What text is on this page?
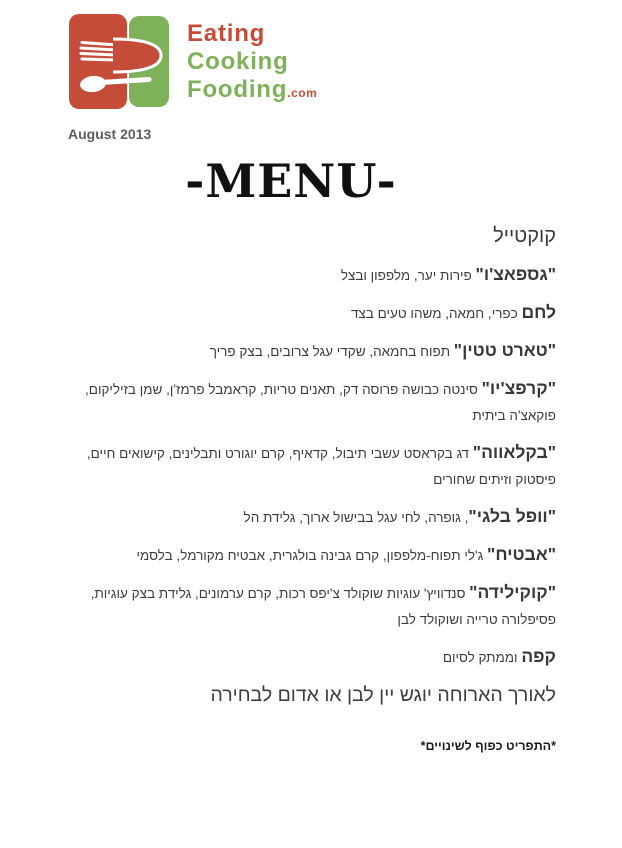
Eating
Cooking
Fooding.com
August 2013
-MENU-

קוקטייל

"גספאצ'ו" פירות יער, מלפפון ובצל

לחם כפרי, חמאה, משהו טעים בצד

"טארט טטין" תפוח בחמאה, שקדי עגל צרובים, בצק פריך

"קרפצ'יו" סינטה כבושה פרוסה דק, תאנים טריות, קראמבל פרמז'ן, שמן בזיליקום, פוקאצ'ה ביתית

"בקלאווה" דג בקראסט עשבי תיבול, קדאיף, קרם יוגורט ותבלינים, קישואים חיים, פיסטוק וזיתים שחורים

"וופל בלגי", גופרה, לחי עגל בבישול ארוך, גלידת הל

"אבטיח" ג'לי תפוח-מלפפון, קרם גבינה בולגרית, אבטיח מקורמל, בלסמי

"קוקילידה" סנדוויץ' עוגיות שוקולד צ'יפס רכות, קרם ערמונים, גלידת בצק עוגיות, פסיפלורה טרייה ושוקולד לבן

קפה וממתק לסיום

לאורך הארוחה יוגש יין לבן או אדום לבחירה

*התפריט כפוף לשינויים*
